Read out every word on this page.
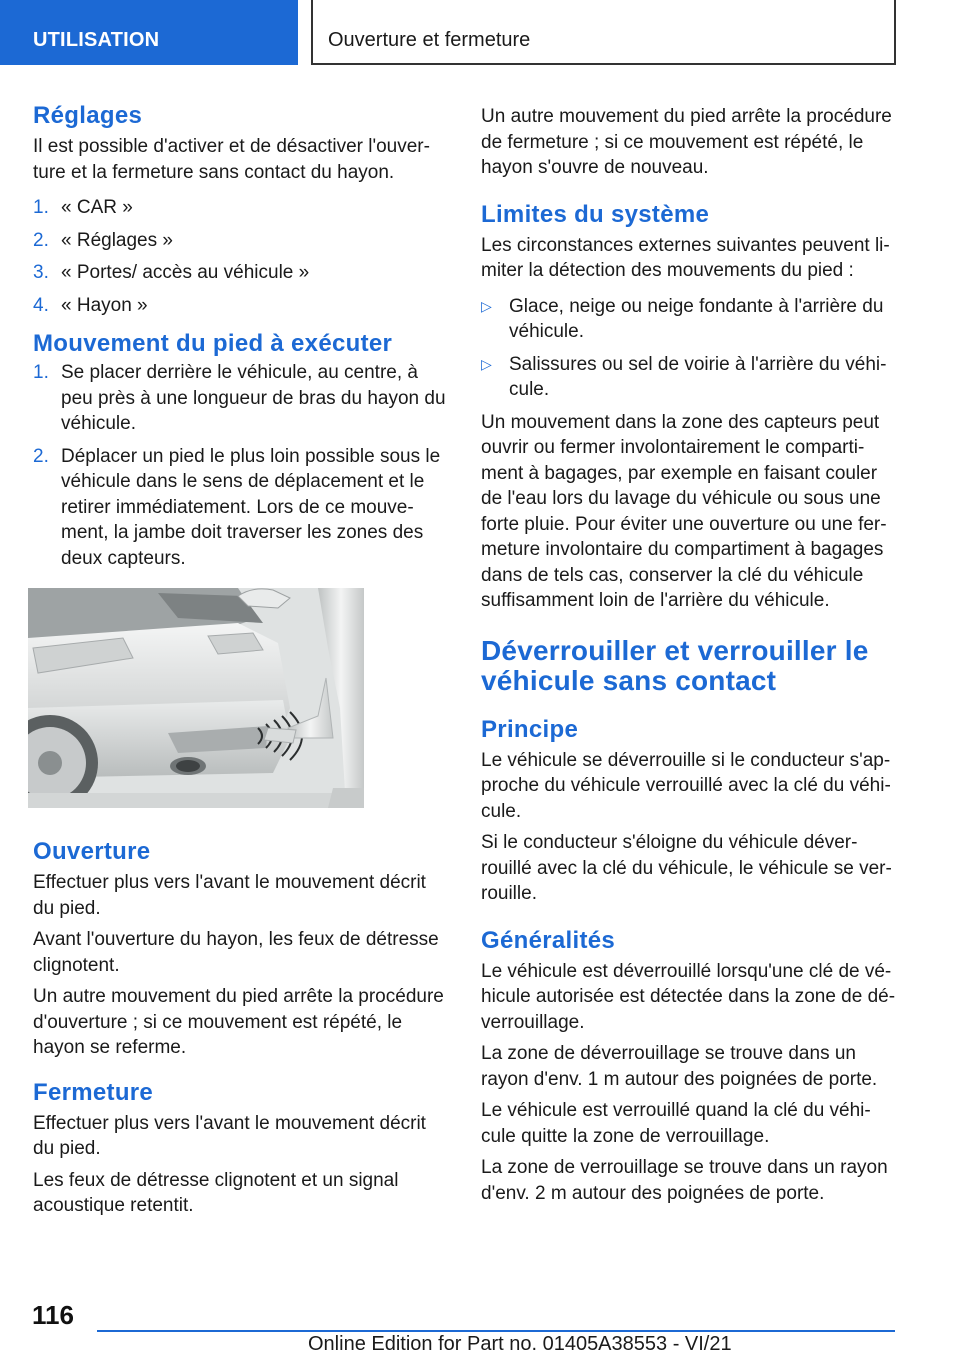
UTILISATION	Ouverture et fermeture
Réglages

Il est possible d'activer et de désactiver l'ouver-ture et la fermeture sans contact du hayon.

1. « CAR »
2. « Réglages »
3. « Portes/ accès au véhicule »
4. « Hayon »
Mouvement du pied à exécuter
1. Se placer derrière le véhicule, au centre, à peu près à une longueur de bras du hayon du véhicule.
2. Déplacer un pied le plus loin possible sous le véhicule dans le sens de déplacement et le retirer immédiatement. Lors de ce mouve-ment, la jambe doit traverser les zones des deux capteurs.
Ouverture

Effectuer plus vers l'avant le mouvement décrit du pied.

Avant l'ouverture du hayon, les feux de détresse clignotent.

Un autre mouvement du pied arrête la procédure d'ouverture ; si ce mouvement est répété, le hayon se referme.

Fermeture

Effectuer plus vers l'avant le mouvement décrit du pied.

Les feux de détresse clignotent et un signal acoustique retentit.

Un autre mouvement du pied arrête la procédure de fermeture ; si ce mouvement est répété, le hayon s'ouvre de nouveau.

Limites du système

Les circonstances externes suivantes peuvent li-miter la détection des mouvements du pied :

▷ Glace, neige ou neige fondante à l'arrière du véhicule.
▷ Salissures ou sel de voirie à l'arrière du véhi-cule.

Un mouvement dans la zone des capteurs peut ouvrir ou fermer involontairement le comparti-ment à bagages, par exemple en faisant couler de l'eau lors du lavage du véhicule ou sous une forte pluie. Pour éviter une ouverture ou une fer-meture involontaire du compartiment à bagages dans de tels cas, conserver la clé du véhicule suffisamment loin de l'arrière du véhicule.

Déverrouiller et verrouiller le véhicule sans contact
Principe

Le véhicule se déverrouille si le conducteur s'ap-proche du véhicule verrouillé avec la clé du véhi-cule.

Si le conducteur s'éloigne du véhicule déver-rouillé avec la clé du véhicule, le véhicule se ver-rouille.

Généralités

Le véhicule est déverrouillé lorsqu'une clé de vé-hicule autorisée est détectée dans la zone de dé-verrouillage.

La zone de déverrouillage se trouve dans un rayon d'env. 1 m autour des poignées de porte.

Le véhicule est verrouillé quand la clé du véhi-cule quitte la zone de verrouillage.

La zone de verrouillage se trouve dans un rayon d'env. 2 m autour des poignées de porte.

116
Online Edition for Part no. 01405A38553 - VI/21
